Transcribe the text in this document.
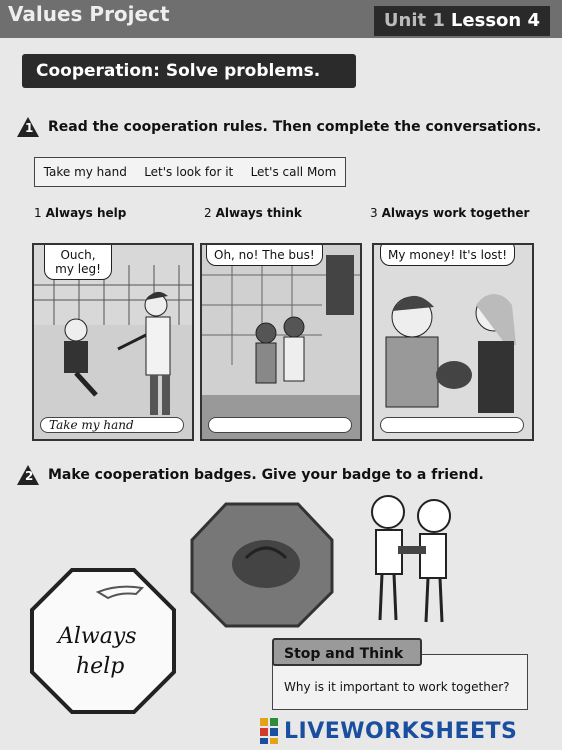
Values Project	Unit 1 Lesson 4
Cooperation: Solve problems.
1 Read the cooperation rules. Then complete the conversations.
Take my hand Let's look for it Let's call Mom
1 Always help	2 Always think	3 Always work together
Ouch, my leg!
Take my hand
Oh, no! The bus!	My money! It's lost!
2 Make cooperation badges. Give your badge to a friend.
Always
help	Stop and Think
Why is it important to work together?
LIVEWORKSHEETS
